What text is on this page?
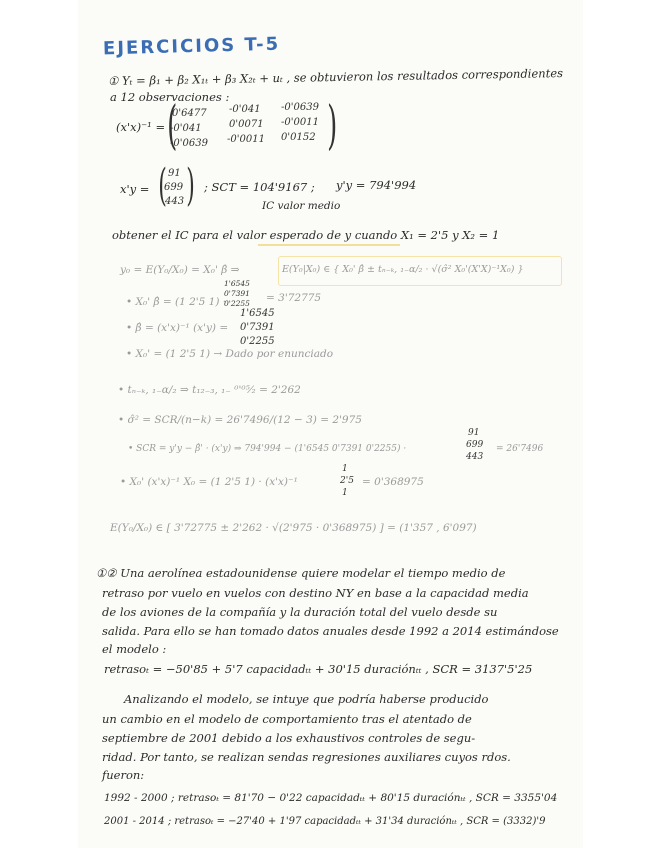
EJERCICIOS T-5
① Yₜ = β₁ + β₂ X₁ₜ + β₃ X₂ₜ + uₜ , se obtuvieron los resultados correspondientes
a 12 observaciones :
(x'x)⁻¹ = (	)
0'6477 -0'041 -0'0639
-0'041	0'0071 -0'0011
-0'0639 -0'0011 0'0152
x'y = ( )
91
699
443
; SCT = 104'9167 ; y'y = 794'994
IC valor medio
obtener el IC para el valor esperado de y cuando X₁ = 2'5 y X₂ = 1
y₀ = E(Y₀/X₀) = X₀' β̂ ⇒	E(Y₀|X₀) ∈ { X₀' β̂ ± tₙ₋ₖ, ₁₋α/₂ · √(σ̂² X₀'(X'X)⁻¹X₀) }
• X₀' β̂ = (1 2'5 1) ·
1'6545
0'7391
0'2255 = 3'72775
• β̂ = (x'x)⁻¹ (x'y) =
1'6545
0'7391
0'2255
• X₀' = (1 2'5 1) → Dado por enunciado
• tₙ₋ₖ, ₁₋α/₂ ⇒ t₁₂₋₃, ₁₋ ⁰'⁰⁵⁄₂ = 2'262
• σ̂² = SCR/(n−k) = 26'7496/(12 − 3) = 2'975
• SCR = y'y − β̂' · (x'y) ⇒ 794'994 − (1'6545 0'7391 0'2255) ·
91
699
443
= 26'7496
• X₀' (x'x)⁻¹ X₀ = (1 2'5 1) · (x'x)⁻¹
1
2'5
1
= 0'368975
E(Y₀/X₀) ∈ [ 3'72775 ± 2'262 · √(2'975 · 0'368975) ] = (1'357 , 6'097)
①② Una aerolínea estadounidense quiere modelar el tiempo medio de
retraso por vuelo en vuelos con destino NY en base a la capacidad media
de los aviones de la compañía y la duración total del vuelo desde su
salida. Para ello se han tomado datos anuales desde 1992 a 2014 estimándose
el modelo :
retrasoₜ = −50'85 + 5'7 capacidadₜₜ + 30'15 duraciónₜₜ , SCR = 3137'5'25
Analizando el modelo, se intuye que podría haberse producido
un cambio en el modelo de comportamiento tras el atentado de
septiembre de 2001 debido a los exhaustivos controles de segu-
ridad. Por tanto, se realizan sendas regresiones auxiliares cuyos rdos.
fueron:
1992 - 2000 ; retrasoₜ = 81'70 − 0'22 capacidadₜₜ + 80'15 duraciónₜₜ , SCR = 3355'04
2001 - 2014 ; retrasoₜ = −27'40 + 1'97 capacidadₜₜ + 31'34 duraciónₜₜ , SCR = (3332)'9
